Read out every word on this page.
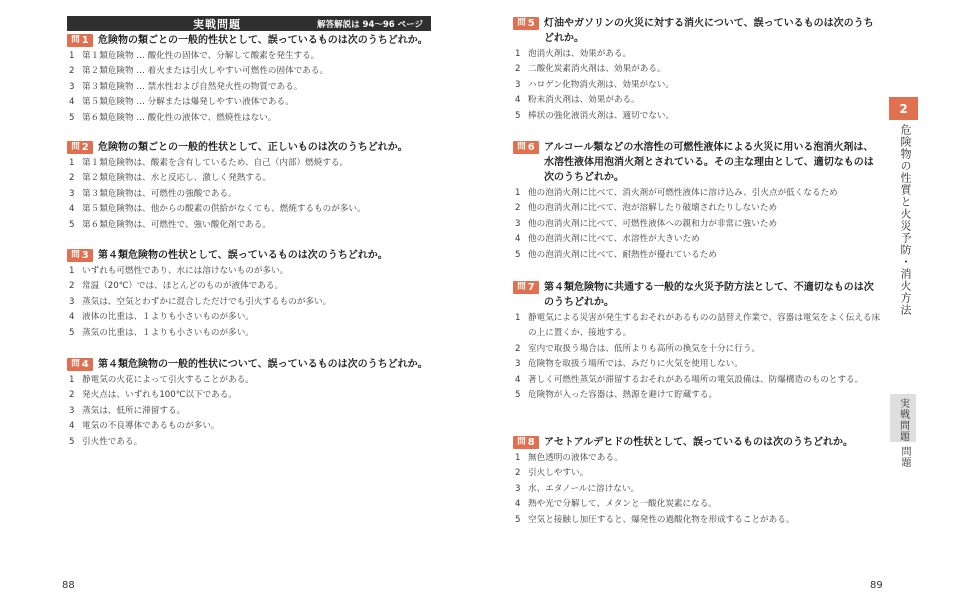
実戦問題	解答解説は 94〜96 ページ
問 1 危険物の類ごとの一般的性状として、誤っているものは次のうちどれか。
1 第１類危険物 … 酸化性の固体で、分解して酸素を発生する。
2 第２類危険物 … 着火または引火しやすい可燃性の固体である。
3 第３類危険物 … 禁水性および自然発火性の物質である。
4 第５類危険物 … 分解または爆発しやすい液体である。
5 第６類危険物 … 酸化性の液体で、燃焼性はない。
問 2 危険物の類ごとの一般的性状として、正しいものは次のうちどれか。
1 第１類危険物は、酸素を含有しているため、自己（内部）燃焼する。
2 第２類危険物は、水と反応し、激しく発熱する。
3 第３類危険物は、可燃性の強酸である。
4 第５類危険物は、他からの酸素の供給がなくても、燃焼するものが多い。
5 第６類危険物は、可燃性で、強い酸化剤である。
問 3 第４類危険物の性状として、誤っているものは次のうちどれか。
1 いずれも可燃性であり、水には溶けないものが多い。
2 常温（20℃）では、ほとんどのものが液体である。
3 蒸気は、空気とわずかに混合しただけでも引火するものが多い。
4 液体の比重は、１よりも小さいものが多い。
5 蒸気の比重は、１よりも小さいものが多い。
問 4 第４類危険物の一般的性状について、誤っているものは次のうちどれか。
1 静電気の火花によって引火することがある。
2 発火点は、いずれも100℃以下である。
3 蒸気は、低所に滞留する。
4 電気の不良導体であるものが多い。
5 引火性である。
88
問 5 灯油やガソリンの火災に対する消火について、誤っているものは次のうちどれか。
1 泡消火剤は、効果がある。
2 二酸化炭素消火剤は、効果がある。
3 ハロゲン化物消火剤は、効果がない。
4 粉末消火剤は、効果がある。
5 棒状の強化液消火剤は、適切でない。
問 6 アルコール類などの水溶性の可燃性液体による火災に用いる泡消火剤は、水溶性液体用泡消火剤とされている。その主な理由として、適切なものは次のうちどれか。
1 他の泡消火剤に比べて、消火剤が可燃性液体に溶け込み、引火点が低くなるため
2 他の泡消火剤に比べて、泡が溶解したり破壊されたりしないため
3 他の泡消火剤に比べて、可燃性液体への親和力が非常に強いため
4 他の泡消火剤に比べて、水溶性が大きいため
5 他の泡消火剤に比べて、耐熱性が優れているため
問 7 第４類危険物に共通する一般的な火災予防方法として、不適切なものは次のうちどれか。
1 静電気による災害が発生するおそれがあるものの詰替え作業で、容器は電気をよく伝える床の上に置くか、接地する。
2 室内で取扱う場合は、低所よりも高所の換気を十分に行う。
3 危険物を取扱う場所では、みだりに火気を使用しない。
4 著しく可燃性蒸気が滞留するおそれがある場所の電気設備は、防爆構造のものとする。
5 危険物が入った容器は、熱源を避けて貯蔵する。
問 8 アセトアルデヒドの性状として、誤っているものは次のうちどれか。
1 無色透明の液体である。
2 引火しやすい。
3 水、エタノールに溶けない。
4 熱や光で分解して、メタンと一酸化炭素になる。
5 空気と接触し加圧すると、爆発性の過酸化物を形成することがある。
89
2
危険物の性質と火災予防・消火方法
実戦問題
問題
